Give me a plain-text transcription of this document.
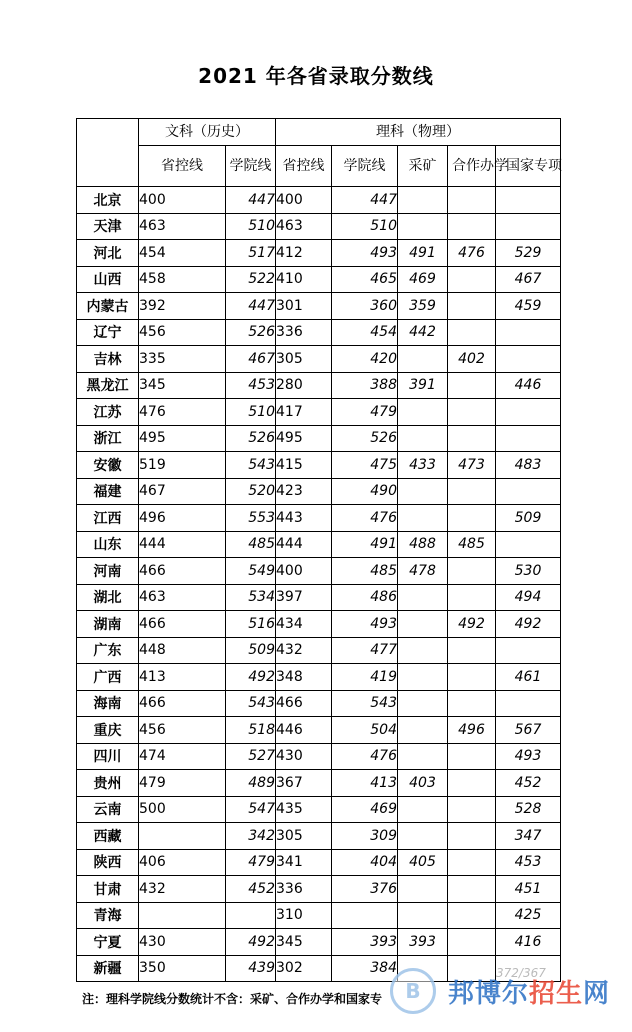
2021 年各省录取分数线
	文科（历史）		理科（物理）				
	省控线	学院线	省控线	学院线	采矿	合作办学	国家专项
北京	400	447	400	447			
天津	463	510	463	510			
河北	454	517	412	493	491	476	529
山西	458	522	410	465	469		467
内蒙古	392	447	301	360	359		459
辽宁	456	526	336	454	442		
吉林	335	467	305	420		402	
黑龙江	345	453	280	388	391		446
江苏	476	510	417	479			
浙江	495	526	495	526			
安徽	519	543	415	475	433	473	483
福建	467	520	423	490			
江西	496	553	443	476			509
山东	444	485	444	491	488	485	
河南	466	549	400	485	478		530
湖北	463	534	397	486			494
湖南	466	516	434	493		492	492
广东	448	509	432	477			
广西	413	492	348	419			461
海南	466	543	466	543			
重庆	456	518	446	504		496	567
四川	474	527	430	476			493
贵州	479	489	367	413	403		452
云南	500	547	435	469			528
西藏		342	305	309			347
陕西	406	479	341	404	405		453
甘肃	432	452	336	376			451
青海			310				425
宁夏	430	492	345	393	393		416
新疆	350	439	302	384				372/367
注：理科学院线分数统计不含：采矿、合作办学和国家专	B	邦博尔招生网
